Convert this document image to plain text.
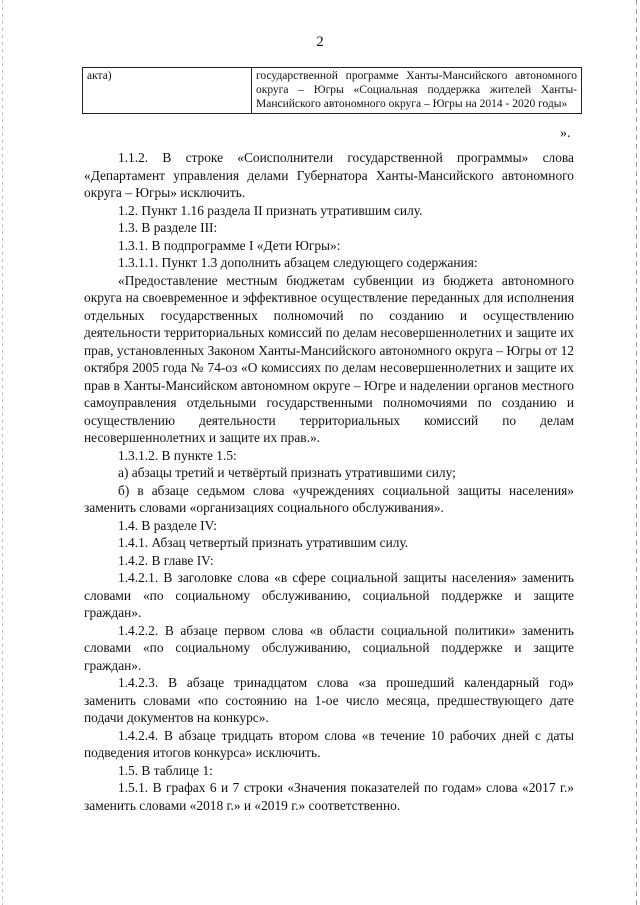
2
акта)	государственной программе Ханты-Мансийского автономного округа – Югры «Социальная поддержка жителей Ханты-Мансийского автономного округа – Югры на 2014 - 2020 годы»
».

1.1.2. В строке «Соисполнители государственной программы» слова «Департамент управления делами Губернатора Ханты-Мансийского автономного округа – Югры» исключить.

1.2. Пункт 1.16 раздела II признать утратившим силу.

1.3. В разделе III:

1.3.1. В подпрограмме I «Дети Югры»:

1.3.1.1. Пункт 1.3 дополнить абзацем следующего содержания:

«Предоставление местным бюджетам субвенции из бюджета автономного округа на своевременное и эффективное осуществление переданных для исполнения отдельных государственных полномочий по созданию и осуществлению деятельности территориальных комиссий по делам несовершеннолетних и защите их прав, установленных Законом Ханты-Мансийского автономного округа – Югры от 12 октября 2005 года № 74-оз «О комиссиях по делам несовершеннолетних и защите их прав в Ханты-Мансийском автономном округе – Югре и наделении органов местного самоуправления отдельными государственными полномочиями по созданию и осуществлению деятельности территориальных комиссий по делам несовершеннолетних и защите их прав.».

1.3.1.2. В пункте 1.5:

а) абзацы третий и четвёртый признать утратившими силу;

б) в абзаце седьмом слова «учреждениях социальной защиты населения» заменить словами «организациях социального обслуживания».

1.4. В разделе IV:

1.4.1. Абзац четвертый признать утратившим силу.

1.4.2. В главе IV:

1.4.2.1. В заголовке слова «в сфере социальной защиты населения» заменить словами «по социальному обслуживанию, социальной поддержке и защите граждан».

1.4.2.2. В абзаце первом слова «в области социальной политики» заменить словами «по социальному обслуживанию, социальной поддержке и защите граждан».

1.4.2.3. В абзаце тринадцатом слова «за прошедший календарный год» заменить словами «по состоянию на 1-ое число месяца, предшествующего дате подачи документов на конкурс».

1.4.2.4. В абзаце тридцать втором слова «в течение 10 рабочих дней с даты подведения итогов конкурса» исключить.

1.5. В таблице 1:

1.5.1. В графах 6 и 7 строки «Значения показателей по годам» слова «2017 г.» заменить словами «2018 г.» и «2019 г.» соответственно.
